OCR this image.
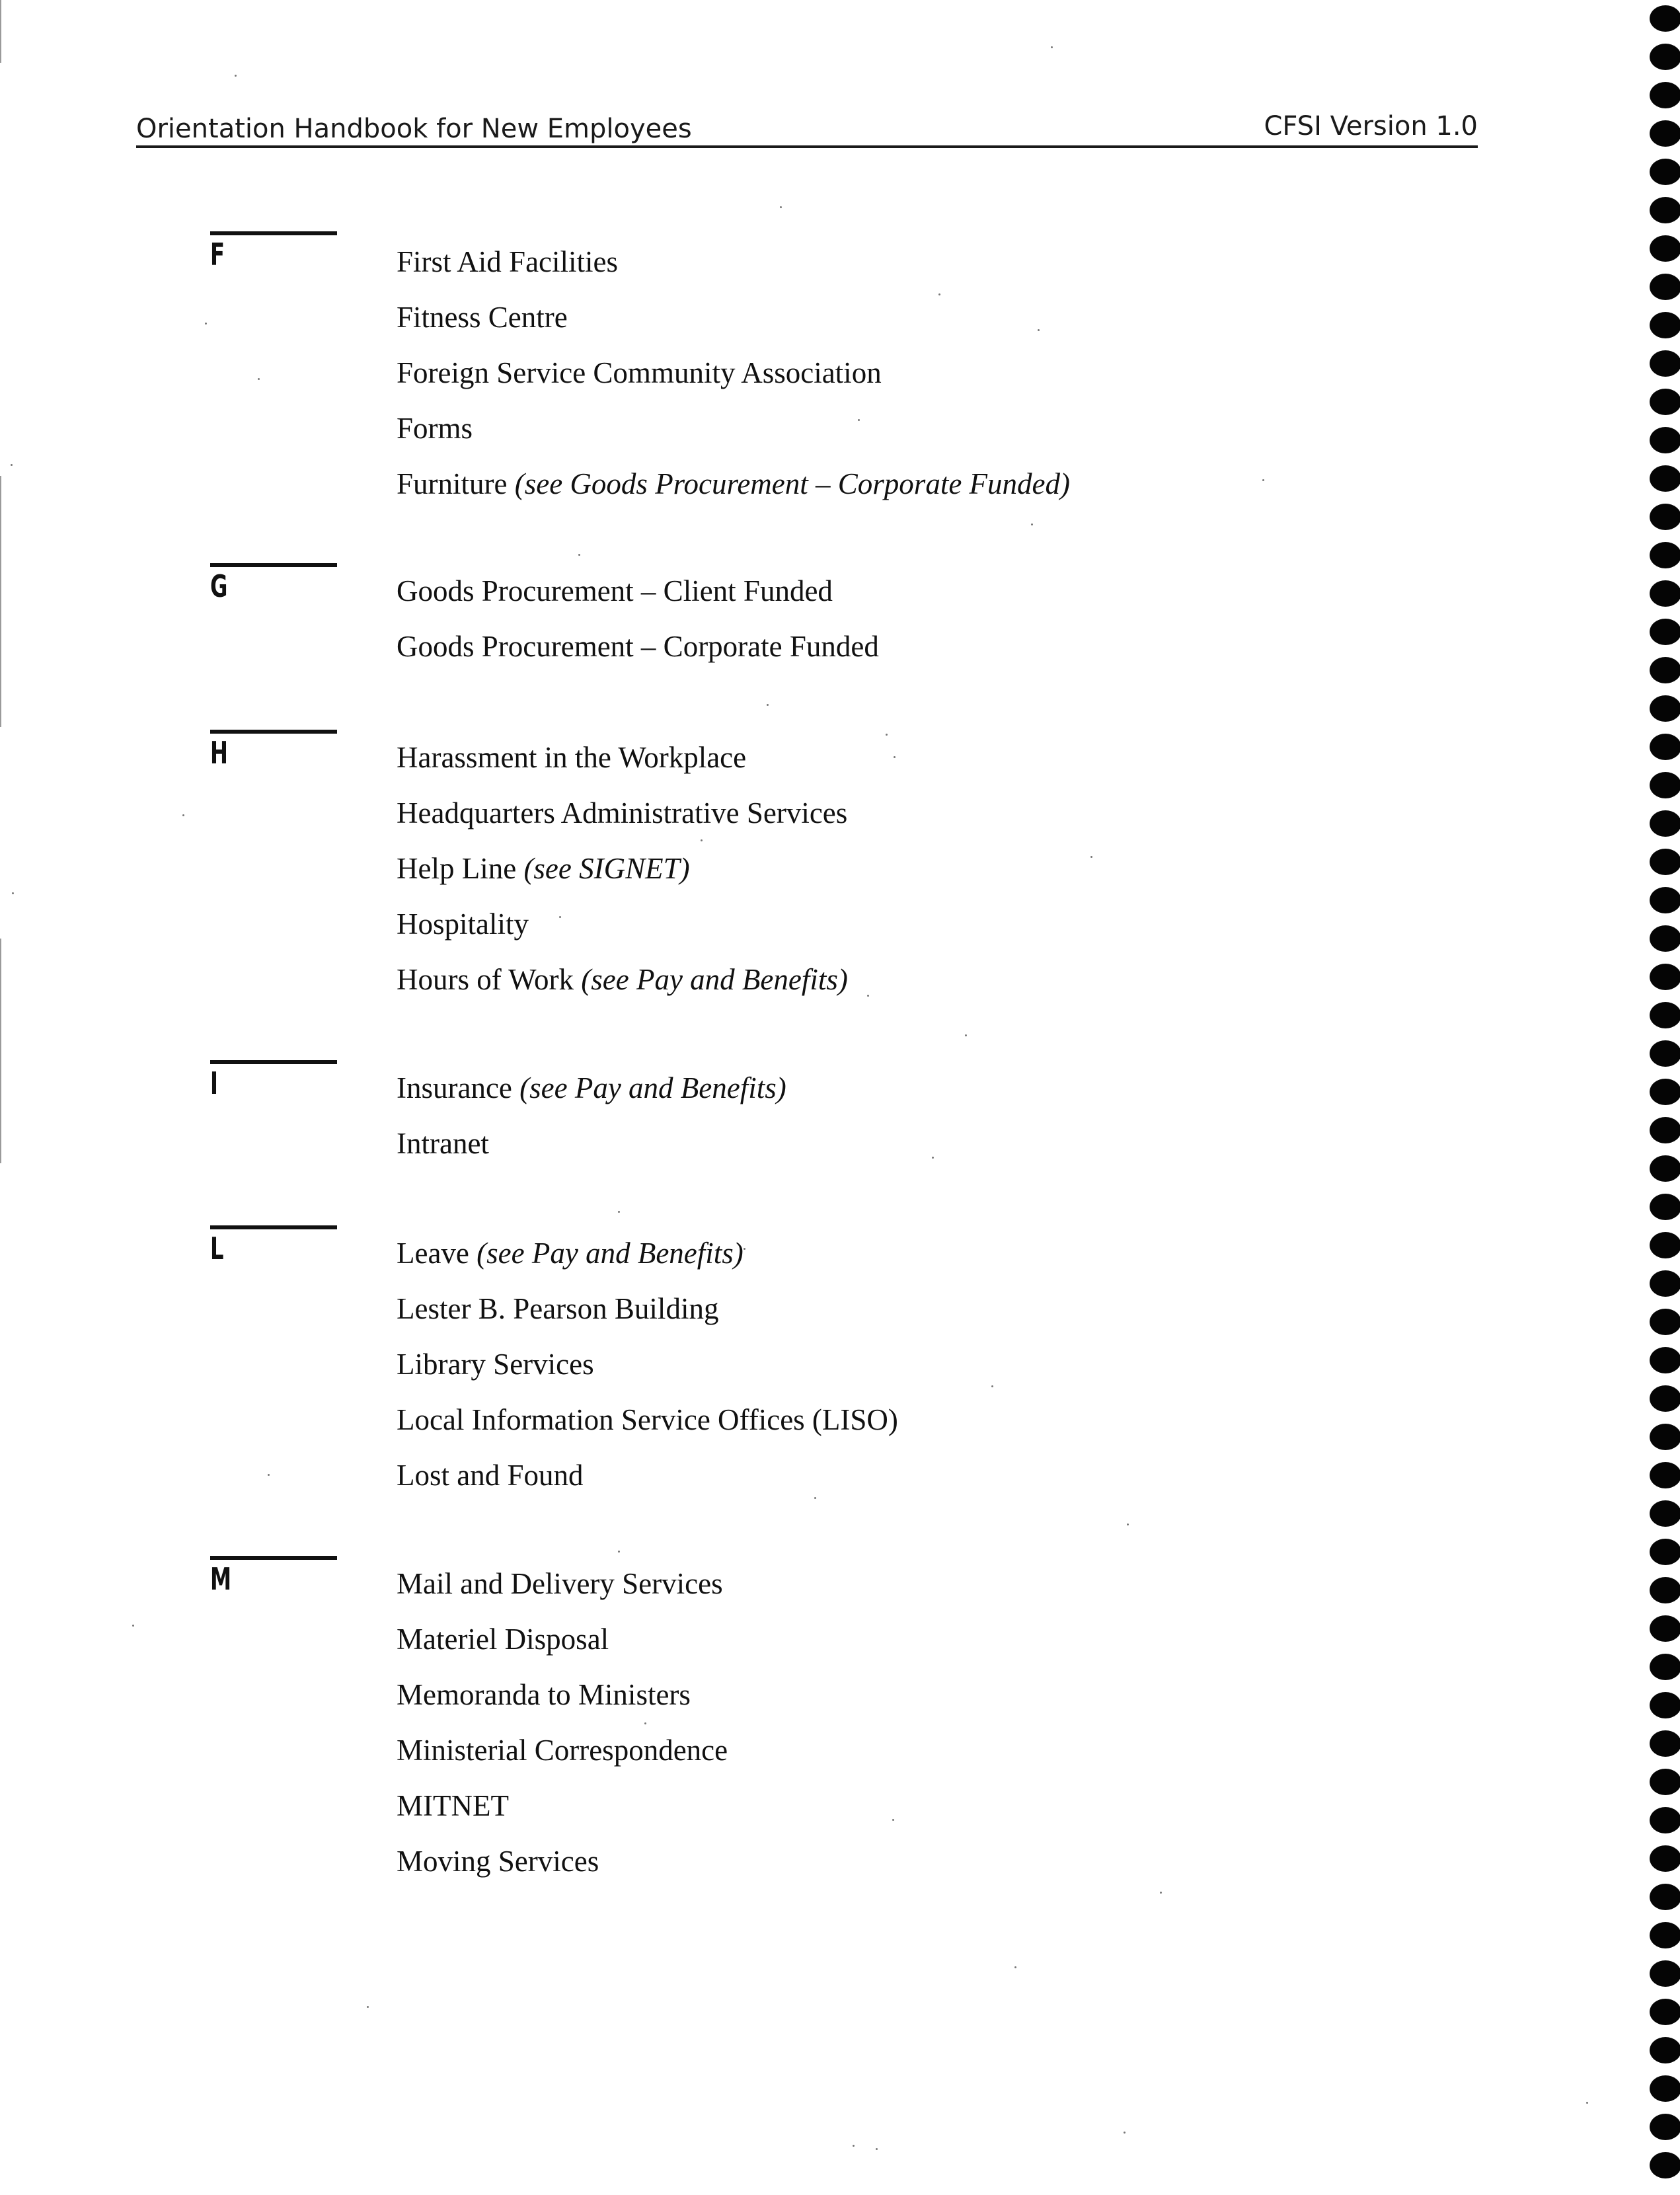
Orientation Handbook for New Employees	CFSI Version 1.0
F	First Aid Facilities
Fitness Centre
Foreign Service Community Association
Forms
Furniture (see Goods Procurement – Corporate Funded)
G	Goods Procurement – Client Funded
Goods Procurement – Corporate Funded
H	Harassment in the Workplace
Headquarters Administrative Services
Help Line (see SIGNET)
Hospitality
Hours of Work (see Pay and Benefits)
I	Insurance (see Pay and Benefits)
Intranet
L	Leave (see Pay and Benefits)
Lester B. Pearson Building
Library Services
Local Information Service Offices (LISO)
Lost and Found
M	Mail and Delivery Services
Materiel Disposal
Memoranda to Ministers
Ministerial Correspondence
MITNET
Moving Services
